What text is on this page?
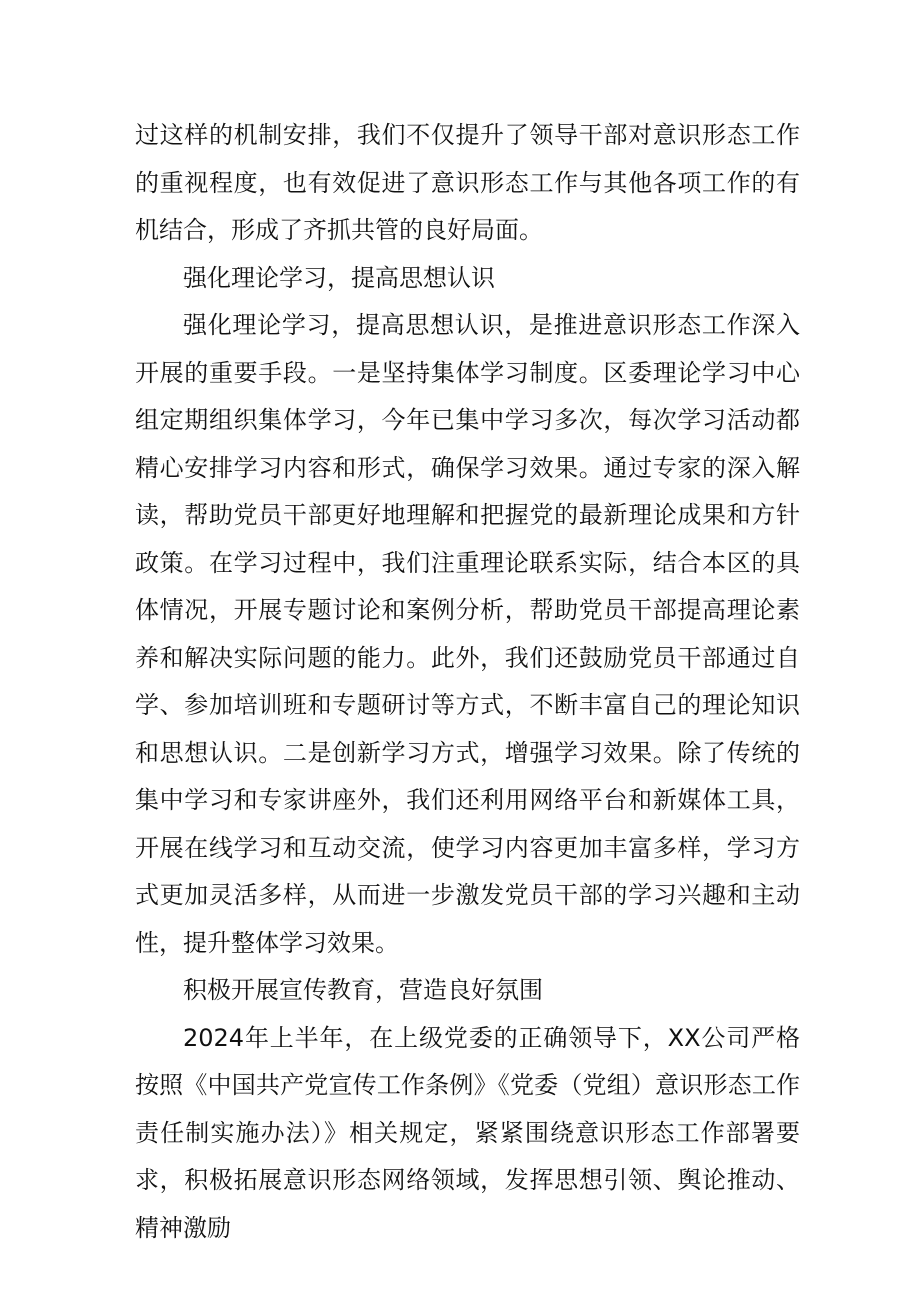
过这样的机制安排，我们不仅提升了领导干部对意识形态工作的重视程度，也有效促进了意识形态工作与其他各项工作的有机结合，形成了齐抓共管的良好局面。

强化理论学习，提高思想认识

强化理论学习，提高思想认识，是推进意识形态工作深入开展的重要手段。一是坚持集体学习制度。区委理论学习中心组定期组织集体学习，今年已集中学习多次，每次学习活动都精心安排学习内容和形式，确保学习效果。通过专家的深入解读，帮助党员干部更好地理解和把握党的最新理论成果和方针政策。在学习过程中，我们注重理论联系实际，结合本区的具体情况，开展专题讨论和案例分析，帮助党员干部提高理论素养和解决实际问题的能力。此外，我们还鼓励党员干部通过自学、参加培训班和专题研讨等方式，不断丰富自己的理论知识和思想认识。二是创新学习方式，增强学习效果。除了传统的集中学习和专家讲座外，我们还利用网络平台和新媒体工具，开展在线学习和互动交流，使学习内容更加丰富多样，学习方式更加灵活多样，从而进一步激发党员干部的学习兴趣和主动性，提升整体学习效果。

积极开展宣传教育，营造良好氛围

2024年上半年，在上级党委的正确领导下，XX公司严格按照《中国共产党宣传工作条例》《党委（党组）意识形态工作责任制实施办法）》相关规定，紧紧围绕意识形态工作部署要求，积极拓展意识形态网络领域，发挥思想引领、舆论推动、精神激励
